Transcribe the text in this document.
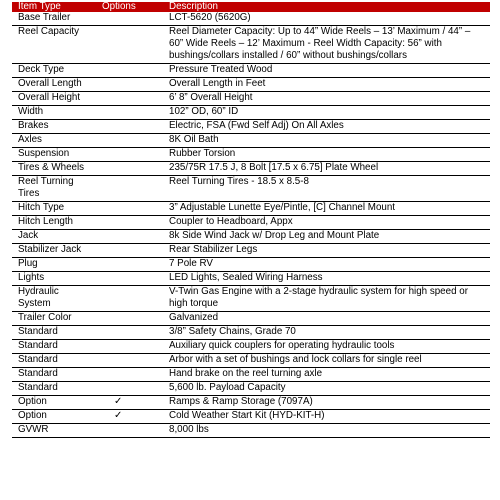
Item Type	Options	Description
Base Trailer		LCT-5620 (5620G)
Reel Capacity		Reel Diameter Capacity: Up to 44” Wide Reels – 13’ Maximum / 44” – 60” Wide Reels – 12’ Maximum - Reel Width Capacity: 56” with bushings/collars installed / 60” without bushings/collars
Deck Type		Pressure Treated Wood
Overall Length		Overall Length in Feet
Overall Height		6’ 8” Overall Height
Width		102” OD, 60” ID
Brakes		Electric, FSA (Fwd Self Adj) On All Axles
Axles		8K Oil Bath
Suspension		Rubber Torsion
Tires & Wheels		235/75R 17.5 J, 8 Bolt [17.5 x 6.75] Plate Wheel
Reel Turning Tires		Reel Turning Tires - 18.5 x 8.5-8
Hitch Type		3” Adjustable Lunette Eye/Pintle, [C] Channel Mount
Hitch Length		Coupler to Headboard, Appx
Jack		8k Side Wind Jack w/ Drop Leg and Mount Plate
Stabilizer Jack		Rear Stabilizer Legs
Plug		7 Pole RV
Lights		LED Lights, Sealed Wiring Harness
Hydraulic System		V-Twin Gas Engine with a 2-stage hydraulic system for high speed or high torque
Trailer Color		Galvanized
Standard		3/8” Safety Chains, Grade 70
Standard		Auxiliary quick couplers for operating hydraulic tools
Standard		Arbor with a set of bushings and lock collars for single reel
Standard		Hand brake on the reel turning axle
Standard		5,600 lb. Payload Capacity
Option	✓	Ramps & Ramp Storage (7097A)
Option	✓	Cold Weather Start Kit (HYD-KIT-H)
GVWR		8,000 lbs
